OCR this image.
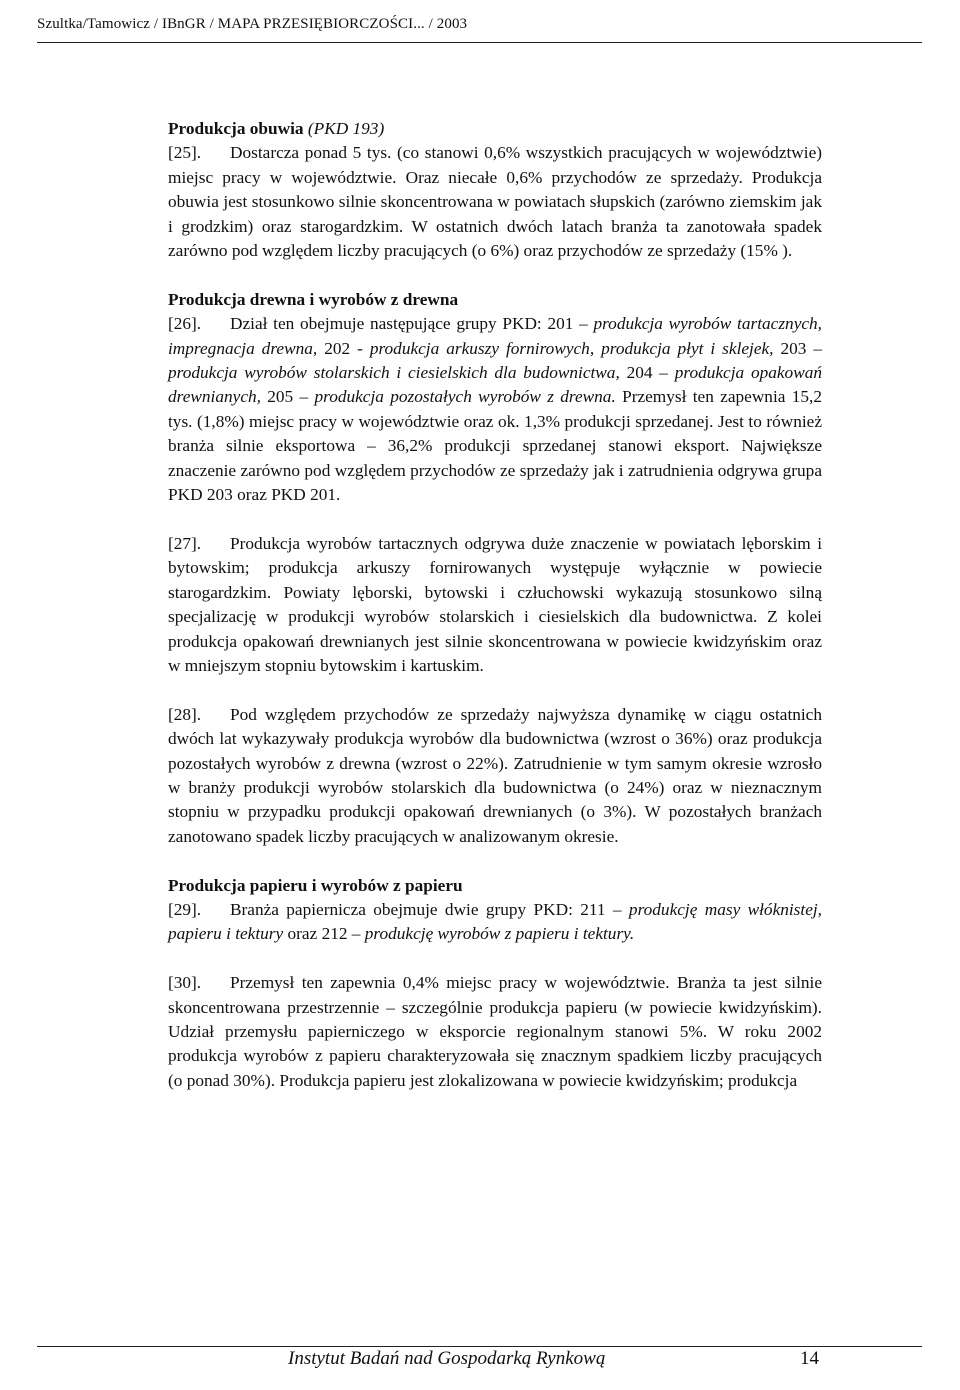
Szultka/Tamowicz / IBnGR / MAPA PRZESIĘBIORCZOŚCI... / 2003
Produkcja obuwia (PKD 193)

[25]. Dostarcza ponad 5 tys. (co stanowi 0,6% wszystkich pracujących w województwie) miejsc pracy w województwie. Oraz niecałe 0,6% przychodów ze sprzedaży. Produkcja obuwia jest stosunkowo silnie skoncentrowana w powiatach słupskich (zarówno ziemskim jak i grodzkim) oraz starogardzkim. W ostatnich dwóch latach branża ta zanotowała spadek zarówno pod względem liczby pracujących (o 6%) oraz przychodów ze sprzedaży (15% ).

Produkcja drewna i wyrobów z drewna

[26]. Dział ten obejmuje następujące grupy PKD: 201 – produkcja wyrobów tartacznych, impregnacja drewna, 202 - produkcja arkuszy fornirowych, produkcja płyt i sklejek, 203 – produkcja wyrobów stolarskich i ciesielskich dla budownictwa, 204 – produkcja opakowań drewnianych, 205 – produkcja pozostałych wyrobów z drewna. Przemysł ten zapewnia 15,2 tys. (1,8%) miejsc pracy w województwie oraz ok. 1,3% produkcji sprzedanej. Jest to również branża silnie eksportowa – 36,2% produkcji sprzedanej stanowi eksport. Największe znaczenie zarówno pod względem przychodów ze sprzedaży jak i zatrudnienia odgrywa grupa PKD 203 oraz PKD 201.

[27]. Produkcja wyrobów tartacznych odgrywa duże znaczenie w powiatach lęborskim i bytowskim; produkcja arkuszy fornirowanych występuje wyłącznie w powiecie starogardzkim. Powiaty lęborski, bytowski i człuchowski wykazują stosunkowo silną specjalizację w produkcji wyrobów stolarskich i ciesielskich dla budownictwa. Z kolei produkcja opakowań drewnianych jest silnie skoncentrowana w powiecie kwidzyńskim oraz w mniejszym stopniu bytowskim i kartuskim.

[28]. Pod względem przychodów ze sprzedaży najwyższa dynamikę w ciągu ostatnich dwóch lat wykazywały produkcja wyrobów dla budownictwa (wzrost o 36%) oraz produkcja pozostałych wyrobów z drewna (wzrost o 22%). Zatrudnienie w tym samym okresie wzrosło w branży produkcji wyrobów stolarskich dla budownictwa (o 24%) oraz w nieznacznym stopniu w przypadku produkcji opakowań drewnianych (o 3%). W pozostałych branżach zanotowano spadek liczby pracujących w analizowanym okresie.

Produkcja papieru i wyrobów z papieru

[29]. Branża papiernicza obejmuje dwie grupy PKD: 211 – produkcję masy włóknistej, papieru i tektury oraz 212 – produkcję wyrobów z papieru i tektury.

[30]. Przemysł ten zapewnia 0,4% miejsc pracy w województwie. Branża ta jest silnie skoncentrowana przestrzennie – szczególnie produkcja papieru (w powiecie kwidzyńskim). Udział przemysłu papierniczego w eksporcie regionalnym stanowi 5%. W roku 2002 produkcja wyrobów z papieru charakteryzowała się znacznym spadkiem liczby pracujących (o ponad 30%). Produkcja papieru jest zlokalizowana w powiecie kwidzyńskim; produkcja

Instytut Badań nad Gospodarką Rynkową	14
